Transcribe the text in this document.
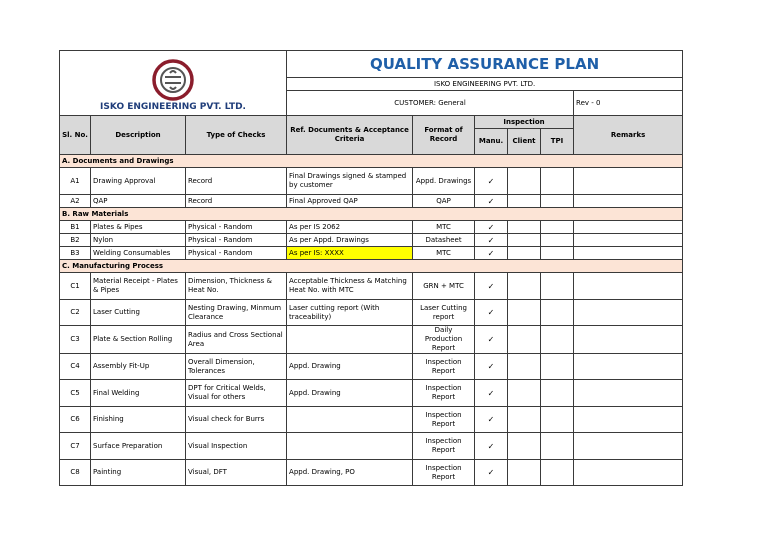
ISKO ENGINEERING PVT. LTD.			QUALITY ASSURANCE PLAN					
			ISKO ENGINEERING PVT. LTD.					
			CUSTOMER: General					Rev - 0
Sl. No.	Description	Type of Checks	Ref. Documents & Acceptance Criteria	Format of Record	Inspection			Remarks
					Manu.	Client	TPI	
A. Documents and Drawings								
A1	Drawing Approval	Record	Final Drawings signed & stamped by customer	Appd. Drawings	✓			
A2	QAP	Record	Final Approved QAP	QAP	✓			
B. Raw Materials								
B1	Plates & Pipes	Physical - Random	As per IS 2062	MTC	✓			
B2	Nylon	Physical - Random	As per Appd. Drawings	Datasheet	✓			
B3	Welding Consumables	Physical - Random	As per IS: XXXX	MTC	✓			
C. Manufacturing Process								
C1	Material Receipt - Plates & Pipes	Dimension, Thickness & Heat No.	Acceptable Thickness & Matching Heat No. with MTC	GRN + MTC	✓			
C2	Laser Cutting	Nesting Drawing, Minmum Clearance	Laser cutting report (With traceability)	Laser Cutting report	✓			
C3	Plate & Section Rolling	Radius and Cross Sectional Area		Daily Production Report	✓			
C4	Assembly Fit-Up	Overall Dimension, Tolerances	Appd. Drawing	Inspection Report	✓			
C5	Final Welding	DPT for Critical Welds, Visual for others	Appd. Drawing	Inspection Report	✓			
C6	Finishing	Visual check for Burrs		Inspection Report	✓			
C7	Surface Preparation	Visual Inspection		Inspection Report	✓			
C8	Painting	Visual, DFT	Appd. Drawing, PO	Inspection Report	✓			
